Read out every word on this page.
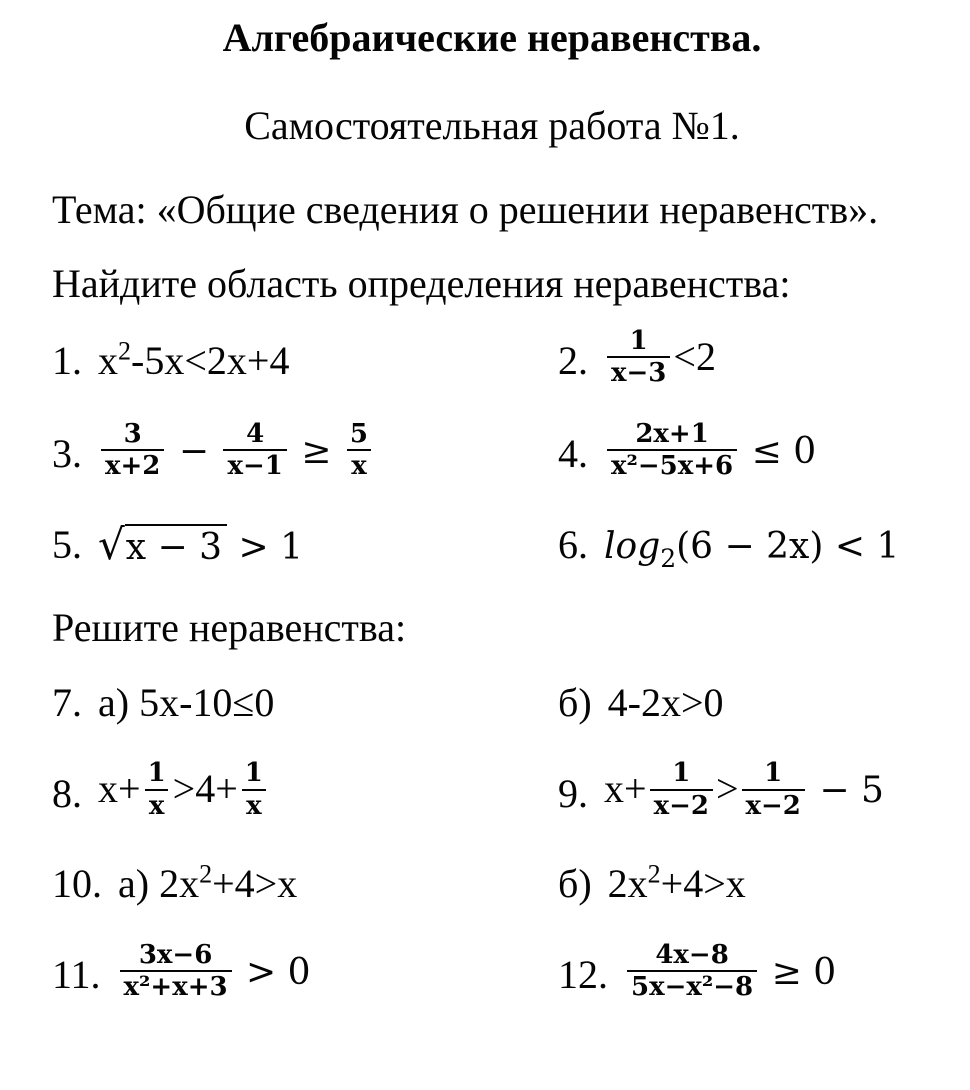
Алгебраические неравенства.
Самостоятельная работа №1.

Тема: «Общие сведения о решении неравенств».

Найдите область определения неравенства:

1. $x^2-5x<2x+4$	2. $\frac{1}{x-3} <2$
3. $\frac{3}{x+2} - \frac{4}{x-1} \ge \frac{5}{x}$	4. $\frac{2x+1}{\text{x²−5x+6}} \le 0$
5. √x − 3 > 1	6. $\log_2(6 - 2x) < 1$

Решите неравенства:

7. а) 5x-10≤0	б) 4-2x>0
8. $x+ \frac{1}{x} >4+ \frac{1}{x}$	9. $x+ \frac{1}{x-2} > \frac{1}{x-2} - 5$
10. а) $2x^2+4>x$	б) $2x^2+4>x$
11. $\frac{3x-6}{\text{x²+x+3}} > 0$	12. $\frac{4x-8}{\text{5x−x²−8}} \ge 0$
